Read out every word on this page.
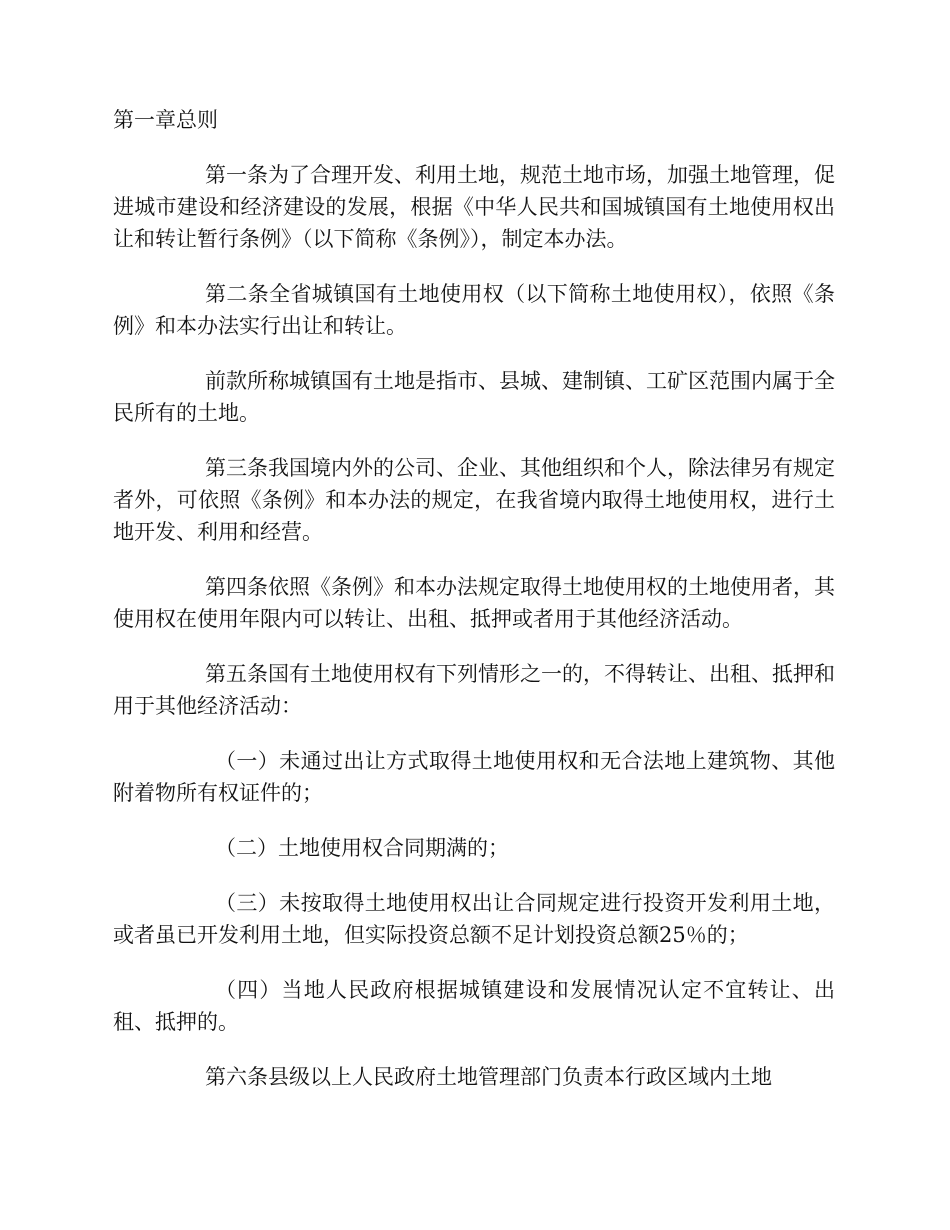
第一章总则

第一条为了合理开发、利用土地，规范土地市场，加强土地管理，促进城市建设和经济建设的发展，根据《中华人民共和国城镇国有土地使用权出让和转让暂行条例》（以下简称《条例》），制定本办法。

第二条全省城镇国有土地使用权（以下简称土地使用权），依照《条例》和本办法实行出让和转让。

前款所称城镇国有土地是指市、县城、建制镇、工矿区范围内属于全民所有的土地。

第三条我国境内外的公司、企业、其他组织和个人，除法律另有规定者外，可依照《条例》和本办法的规定，在我省境内取得土地使用权，进行土地开发、利用和经营。

第四条依照《条例》和本办法规定取得土地使用权的土地使用者，其使用权在使用年限内可以转让、出租、抵押或者用于其他经济活动。

第五条国有土地使用权有下列情形之一的，不得转让、出租、抵押和用于其他经济活动：

（一）未通过出让方式取得土地使用权和无合法地上建筑物、其他附着物所有权证件的；

（二）土地使用权合同期满的；

（三）未按取得土地使用权出让合同规定进行投资开发利用土地，或者虽已开发利用土地，但实际投资总额不足计划投资总额25％的；

（四）当地人民政府根据城镇建设和发展情况认定不宜转让、出租、抵押的。

第六条县级以上人民政府土地管理部门负责本行政区域内土地
